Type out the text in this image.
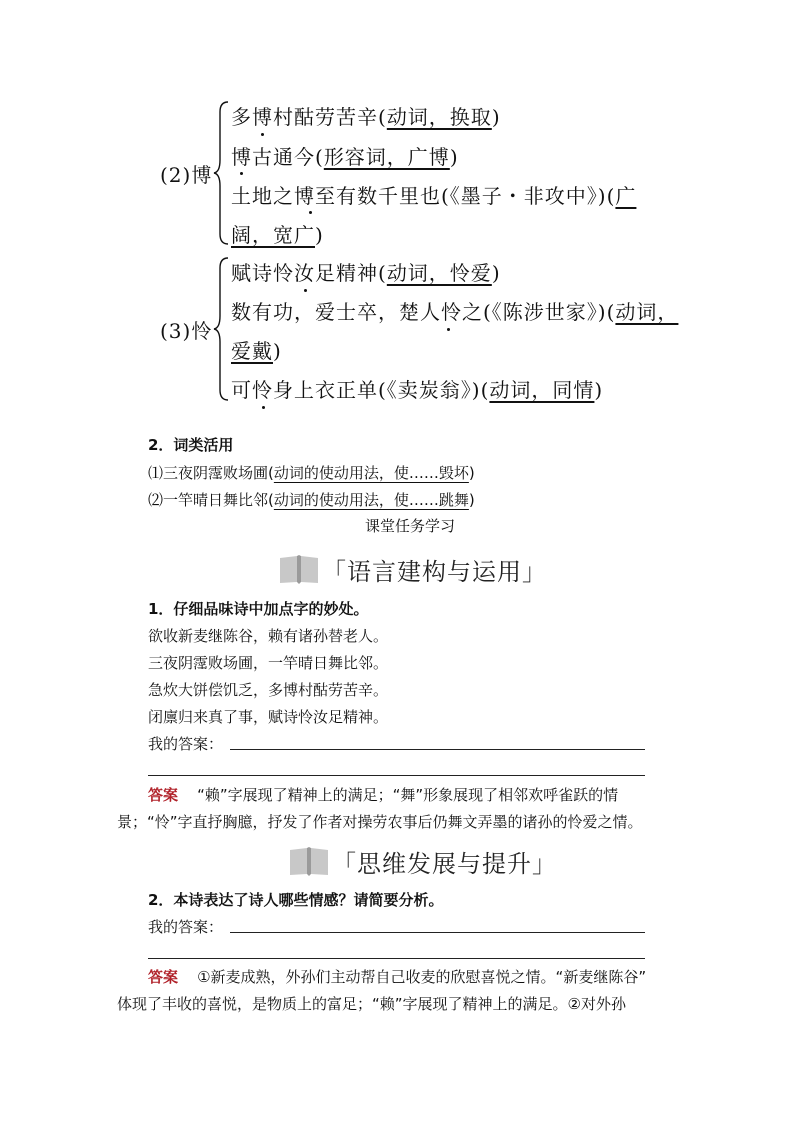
(2)博
多博村酤劳苦辛(动词，换取)
博古通今(形容词，广博)
土地之博至有数千里也(《墨子・非攻中》)(广
阔，宽广)
(3)怜
赋诗怜汝足精神(动词，怜爱)
数有功，爱士卒，楚人怜之(《陈涉世家》)(动词，
爱戴)
可怜身上衣正单(《卖炭翁》)(动词，同情)
2．词类活用
⑴三夜阴霪败场圃(动词的使动用法，使……毁坏)
⑵一竿晴日舞比邻(动词的使动用法，使……跳舞)
课堂任务学习
「语言建构与运用」
1．仔细品味诗中加点字的妙处。
欲收新麦继陈谷，赖有诸孙替老人。
三夜阴霪败场圃，一竿晴日舞比邻。
急炊大饼偿饥乏，多博村酤劳苦辛。
闭廪归来真了事，赋诗怜汝足精神。
我的答案：
答案 “赖”字展现了精神上的满足；“舞”形象展现了相邻欢呼雀跃的情
景；“怜”字直抒胸臆，抒发了作者对操劳农事后仍舞文弄墨的诸孙的怜爱之情。
「思维发展与提升」
2．本诗表达了诗人哪些情感？请简要分析。
我的答案：
答案 ①新麦成熟，外孙们主动帮自己收麦的欣慰喜悦之情。“新麦继陈谷”
体现了丰收的喜悦，是物质上的富足；“赖”字展现了精神上的满足。②对外孙
